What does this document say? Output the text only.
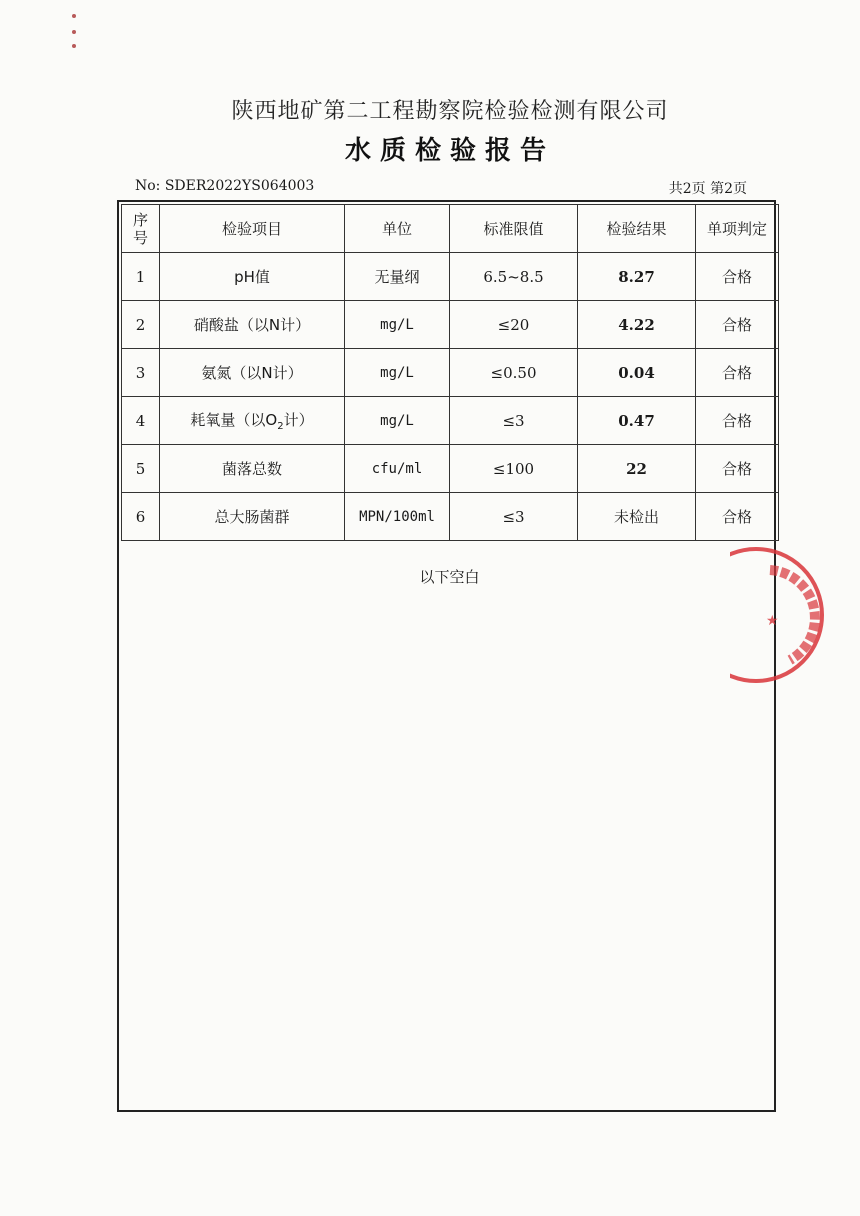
陕西地矿第二工程勘察院检验检测有限公司
水质检验报告
No: SDER2022YS064003	共2页 第2页
序
号	检验项目	单位	标准限值	检验结果	单项判定
1	pH值	无量纲	6.5~8.5	8.27	合格
2	硝酸盐（以N计）	mg/L	≤20	4.22	合格
3	氨氮（以N计）	mg/L	≤0.50	0.04	合格
4	耗氧量（以$O_2$计）	mg/L	≤3	0.47	合格
5	菌落总数	cfu/ml	≤100	22	合格
6	总大肠菌群	MPN/100ml	≤3	未检出	合格
以下空白
★
